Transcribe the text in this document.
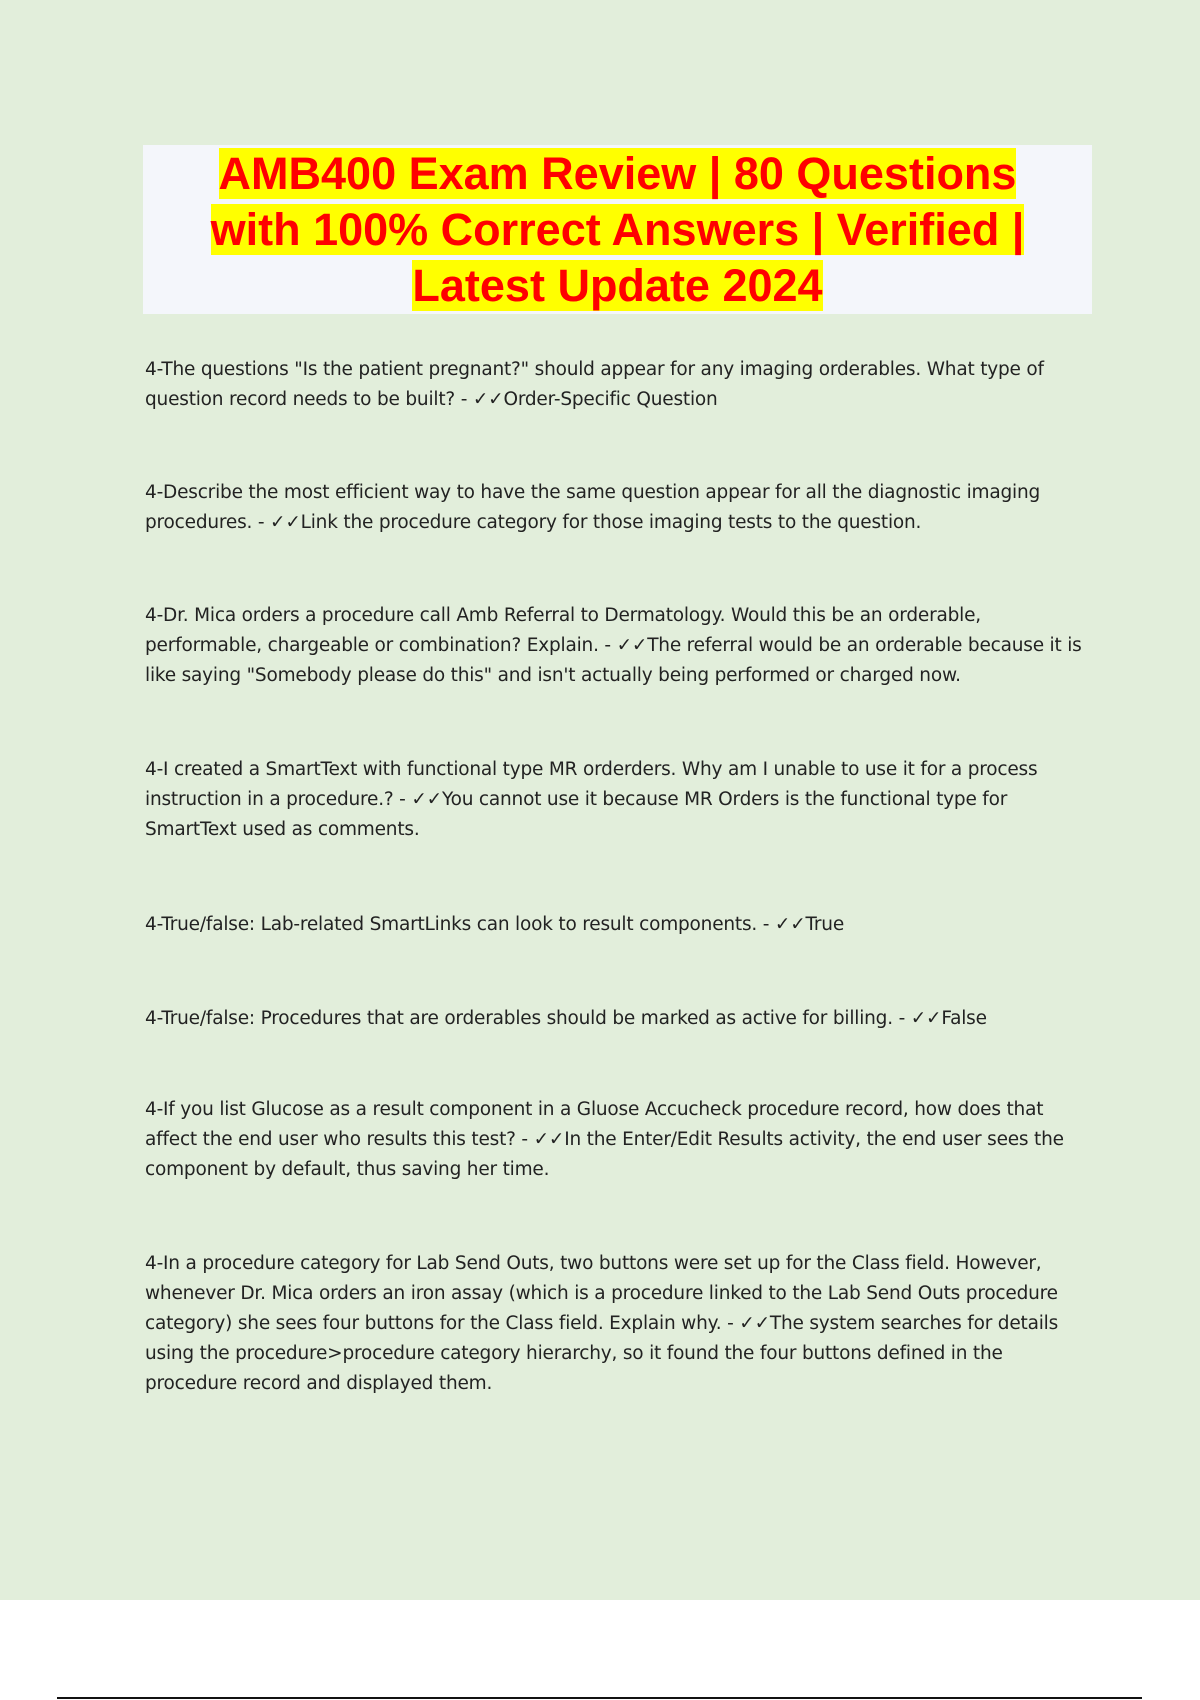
AMB400 Exam Review | 80 Questions with 100% Correct Answers | Verified | Latest Update 2024

4-The questions "Is the patient pregnant?" should appear for any imaging orderables. What type of question record needs to be built? - ✓✓Order-Specific Question

4-Describe the most efficient way to have the same question appear for all the diagnostic imaging procedures. - ✓✓Link the procedure category for those imaging tests to the question.

4-Dr. Mica orders a procedure call Amb Referral to Dermatology. Would this be an orderable, performable, chargeable or combination? Explain. - ✓✓The referral would be an orderable because it is like saying "Somebody please do this" and isn't actually being performed or charged now.

4-I created a SmartText with functional type MR orderders. Why am I unable to use it for a process instruction in a procedure.? - ✓✓You cannot use it because MR Orders is the functional type for SmartText used as comments.

4-True/false: Lab-related SmartLinks can look to result components. - ✓✓True

4-True/false: Procedures that are orderables should be marked as active for billing. - ✓✓False

4-If you list Glucose as a result component in a Gluose Accucheck procedure record, how does that affect the end user who results this test? - ✓✓In the Enter/Edit Results activity, the end user sees the component by default, thus saving her time.

4-In a procedure category for Lab Send Outs, two buttons were set up for the Class field. However, whenever Dr. Mica orders an iron assay (which is a procedure linked to the Lab Send Outs procedure category) she sees four buttons for the Class field. Explain why. - ✓✓The system searches for details using the procedure>procedure category hierarchy, so it found the four buttons defined in the procedure record and displayed them.
